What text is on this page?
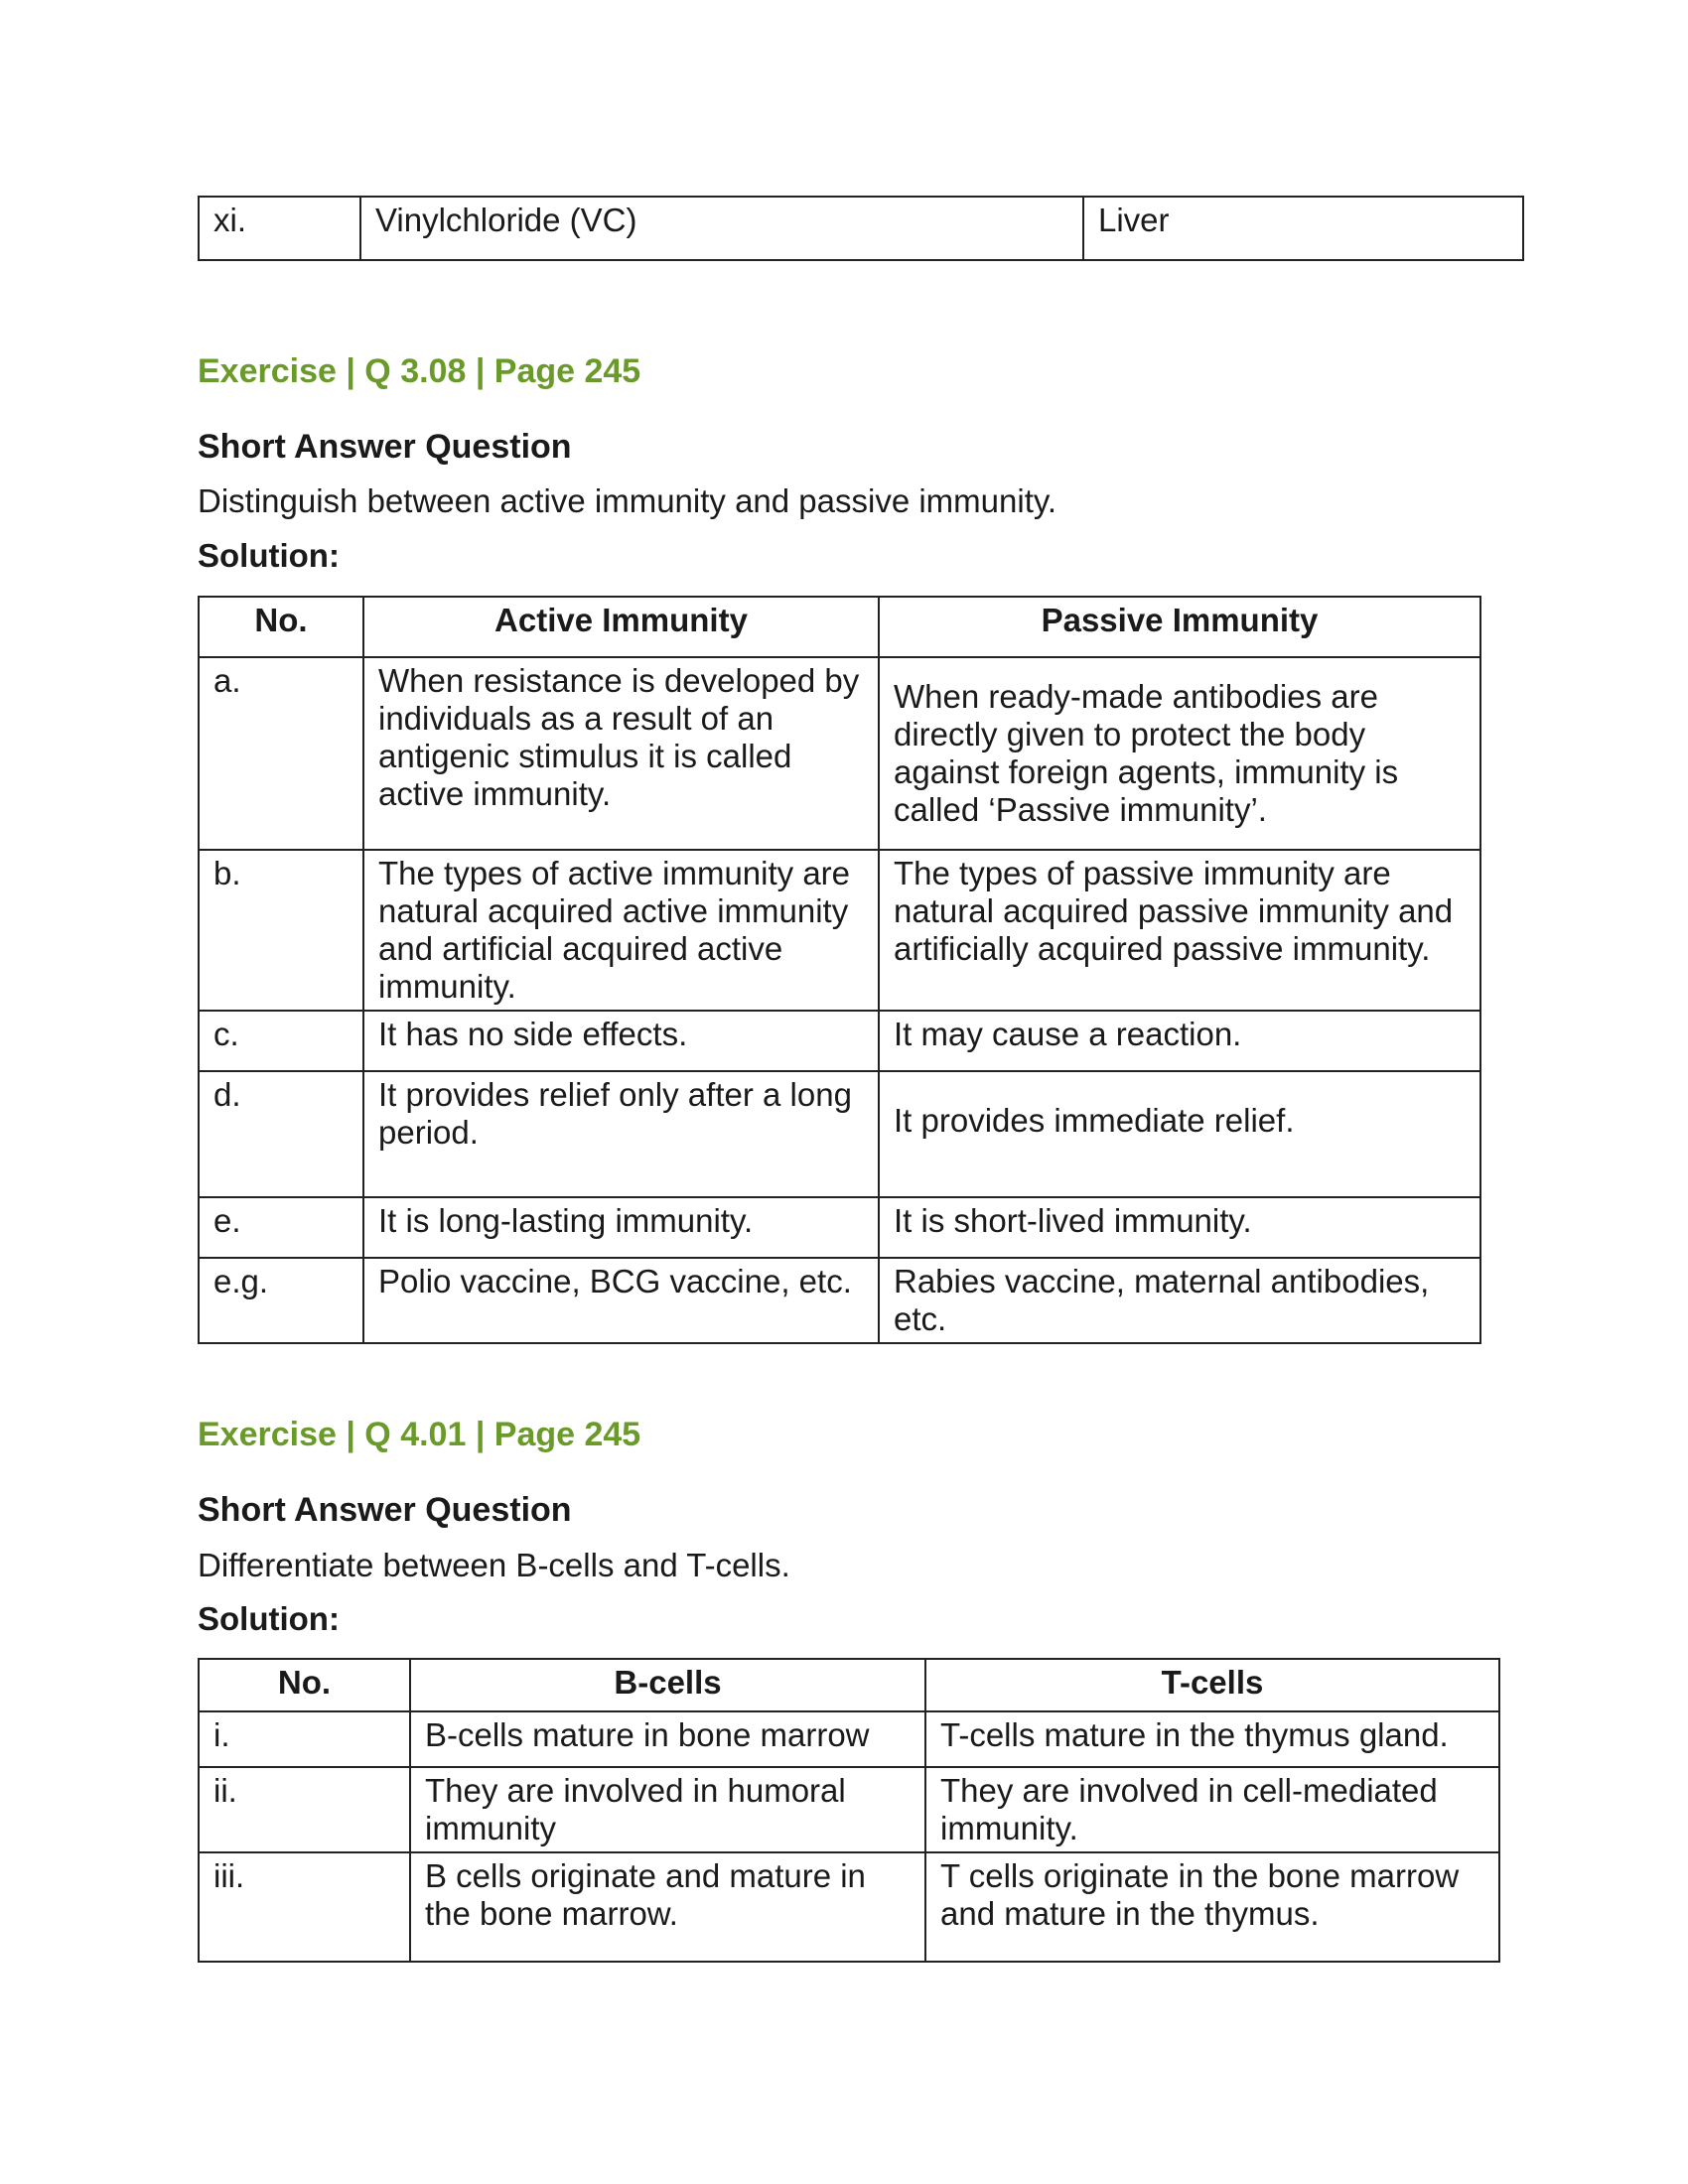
xi.	Vinylchloride (VC)	Liver
Exercise | Q 3.08 | Page 245
Short Answer Question
Distinguish between active immunity and passive immunity.
Solution:
No.	Active Immunity	Passive Immunity
a.	When resistance is developed by individuals as a result of an antigenic stimulus it is called active immunity.	When ready-made antibodies are directly given to protect the body against foreign agents, immunity is called ‘Passive immunity’.
b.	The types of active immunity are natural acquired active immunity and artificial acquired active immunity.	The types of passive immunity are natural acquired passive immunity and artificially acquired passive immunity.
c.	It has no side effects.	It may cause a reaction.
d.	It provides relief only after a long period.	It provides immediate relief.
e.	It is long-lasting immunity.	It is short-lived immunity.
e.g.	Polio vaccine, BCG vaccine, etc.	Rabies vaccine, maternal antibodies, etc.
Exercise | Q 4.01 | Page 245
Short Answer Question
Differentiate between B-cells and T-cells.
Solution:
No.	B-cells	T-cells
i.	B-cells mature in bone marrow	T-cells mature in the thymus gland.
ii.	They are involved in humoral immunity	They are involved in cell-mediated immunity.
iii.	B cells originate and mature in the bone marrow.	T cells originate in the bone marrow and mature in the thymus.
